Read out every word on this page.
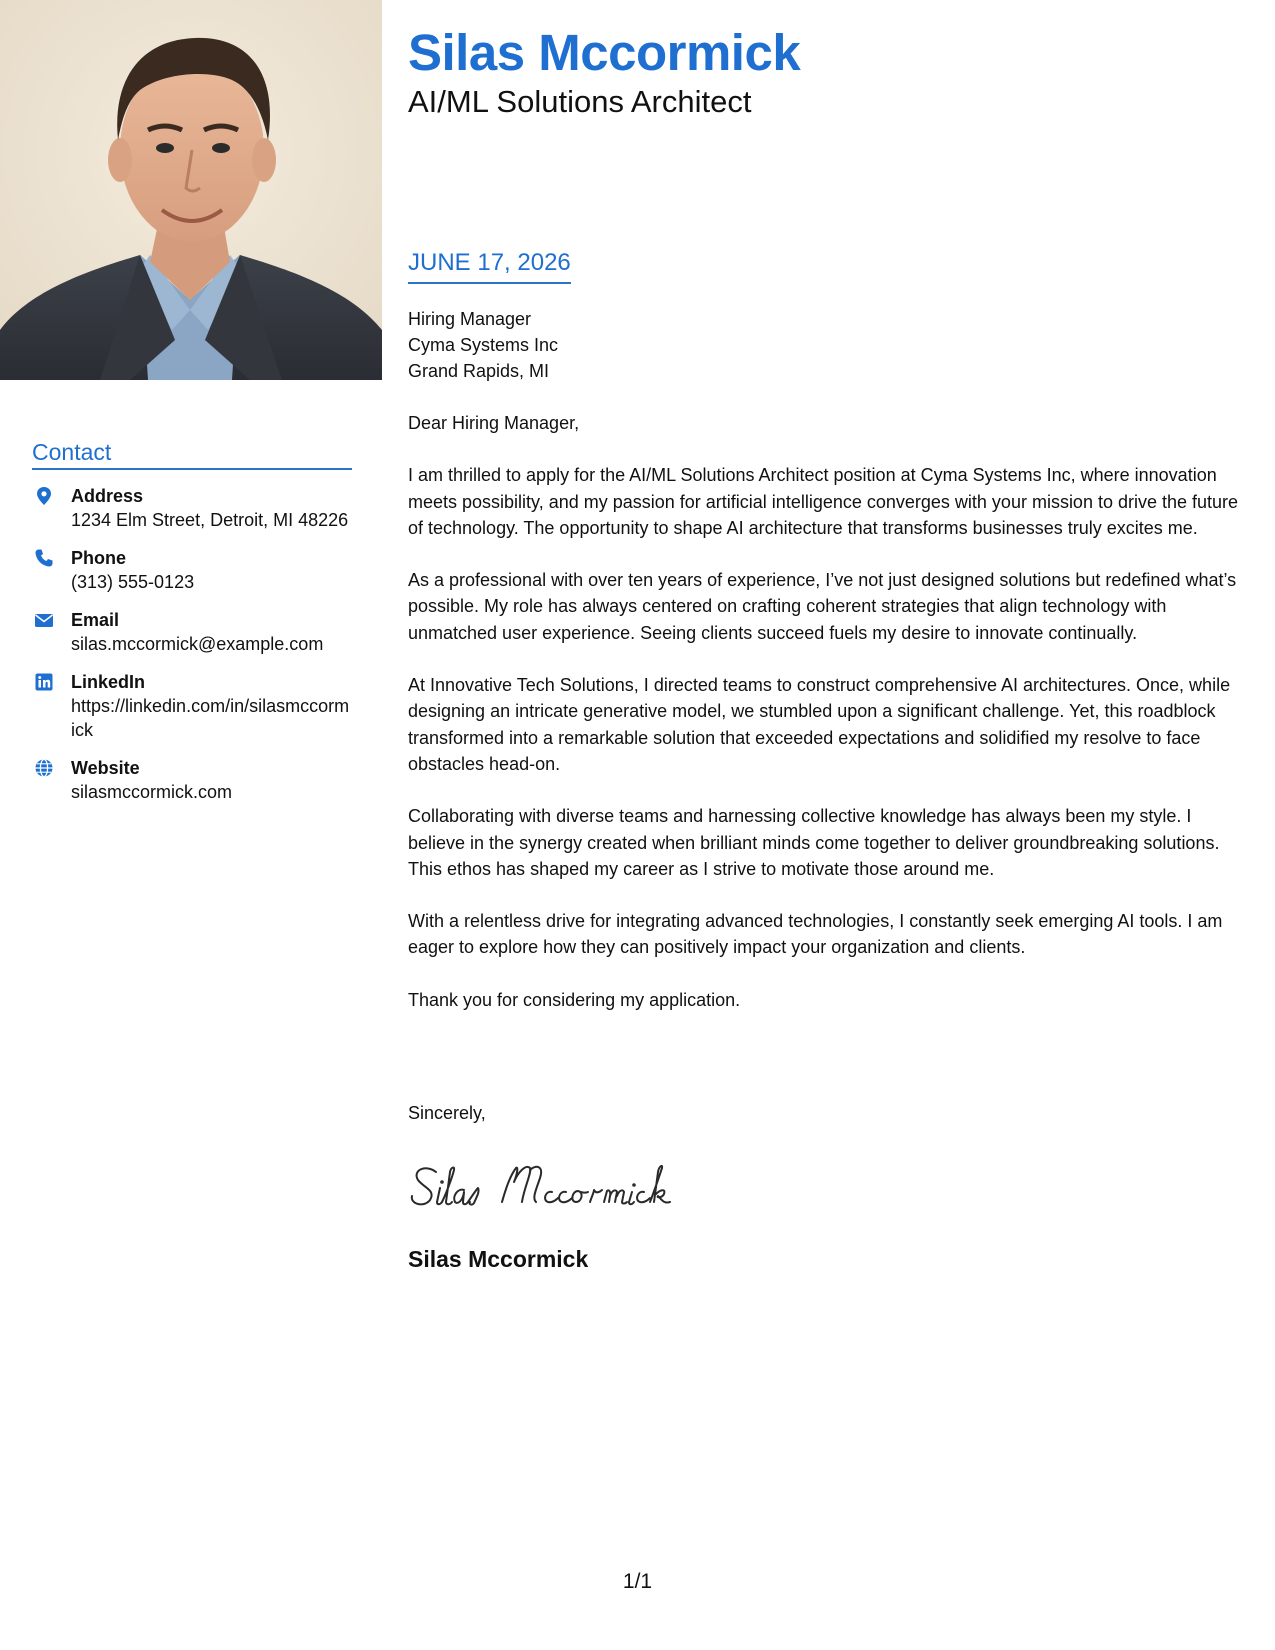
Contact
Address
1234 Elm Street, Detroit, MI 48226
Phone
(313) 555-0123
Email
silas.mccormick@example.com
LinkedIn
https://linkedin.com/in/silasmccormick
Website
silasmccormick.com
Silas Mccormick
AI/ML Solutions Architect
JUNE 17, 2026
Hiring Manager
Cyma Systems Inc
Grand Rapids, MI

Dear Hiring Manager,

I am thrilled to apply for the AI/ML Solutions Architect position at Cyma Systems Inc, where innovation meets possibility, and my passion for artificial intelligence converges with your mission to drive the future of technology. The opportunity to shape AI architecture that transforms businesses truly excites me.

As a professional with over ten years of experience, I’ve not just designed solutions but redefined what’s possible. My role has always centered on crafting coherent strategies that align technology with unmatched user experience. Seeing clients succeed fuels my desire to innovate continually.

At Innovative Tech Solutions, I directed teams to construct comprehensive AI architectures. Once, while designing an intricate generative model, we stumbled upon a significant challenge. Yet, this roadblock transformed into a remarkable solution that exceeded expectations and solidified my resolve to face obstacles head-on.

Collaborating with diverse teams and harnessing collective knowledge has always been my style. I believe in the synergy created when brilliant minds come together to deliver groundbreaking solutions. This ethos has shaped my career as I strive to motivate those around me.

With a relentless drive for integrating advanced technologies, I constantly seek emerging AI tools. I am eager to explore how they can positively impact your organization and clients.

Thank you for considering my application.

Sincerely,
Silas Mccormick
1/1
